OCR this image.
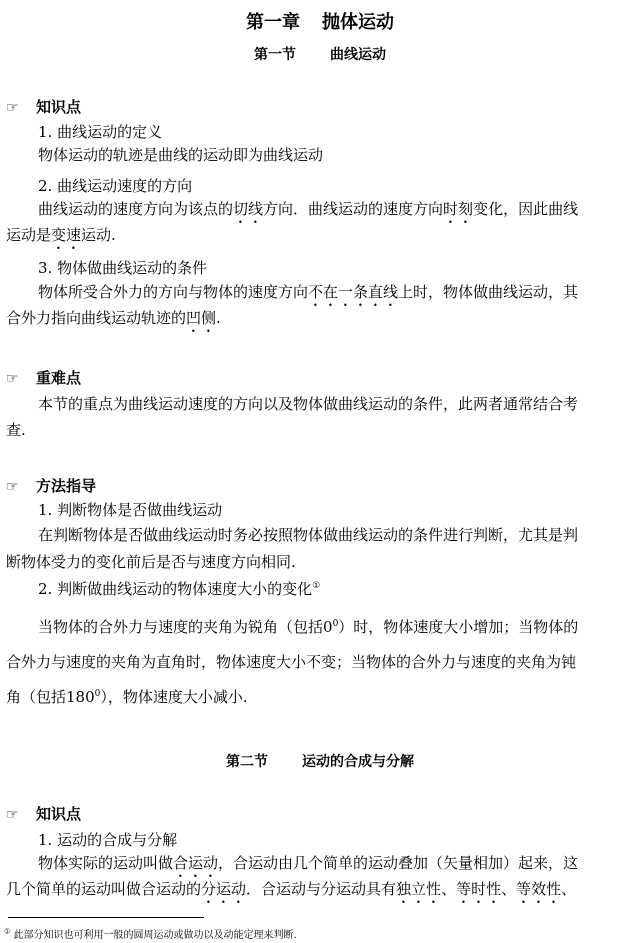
第一章 抛体运动
第一节 曲线运动
☞ 知识点
1. 曲线运动的定义
物体运动的轨迹是曲线的运动即为曲线运动
2. 曲线运动速度的方向
曲线运动的速度方向为该点的切线方向．曲线运动的速度方向时刻变化，因此曲线
运动是变速运动.
3. 物体做曲线运动的条件
物体所受合外力的方向与物体的速度方向不在一条直线上时，物体做曲线运动，其
合外力指向曲线运动轨迹的凹侧.
☞ 重难点
本节的重点为曲线运动速度的方向以及物体做曲线运动的条件，此两者通常结合考
查.
☞ 方法指导
1. 判断物体是否做曲线运动
在判断物体是否做曲线运动时务必按照物体做曲线运动的条件进行判断，尤其是判
断物体受力的变化前后是否与速度方向相同.
2. 判断做曲线运动的物体速度大小的变化①
当物体的合外力与速度的夹角为锐角（包括$0^0$）时，物体速度大小增加；当物体的
合外力与速度的夹角为直角时，物体速度大小不变；当物体的合外力与速度的夹角为钝
角（包括$180^0$），物体速度大小减小.
第二节 运动的合成与分解
☞ 知识点
1. 运动的合成与分解
物体实际的运动叫做合运动，合运动由几个简单的运动叠加（矢量相加）起来，这
几个简单的运动叫做合运动的分运动．合运动与分运动具有独立性、等时性、等效性、
① 此部分知识也可利用一般的圆周运动或做功以及动能定理来判断.
